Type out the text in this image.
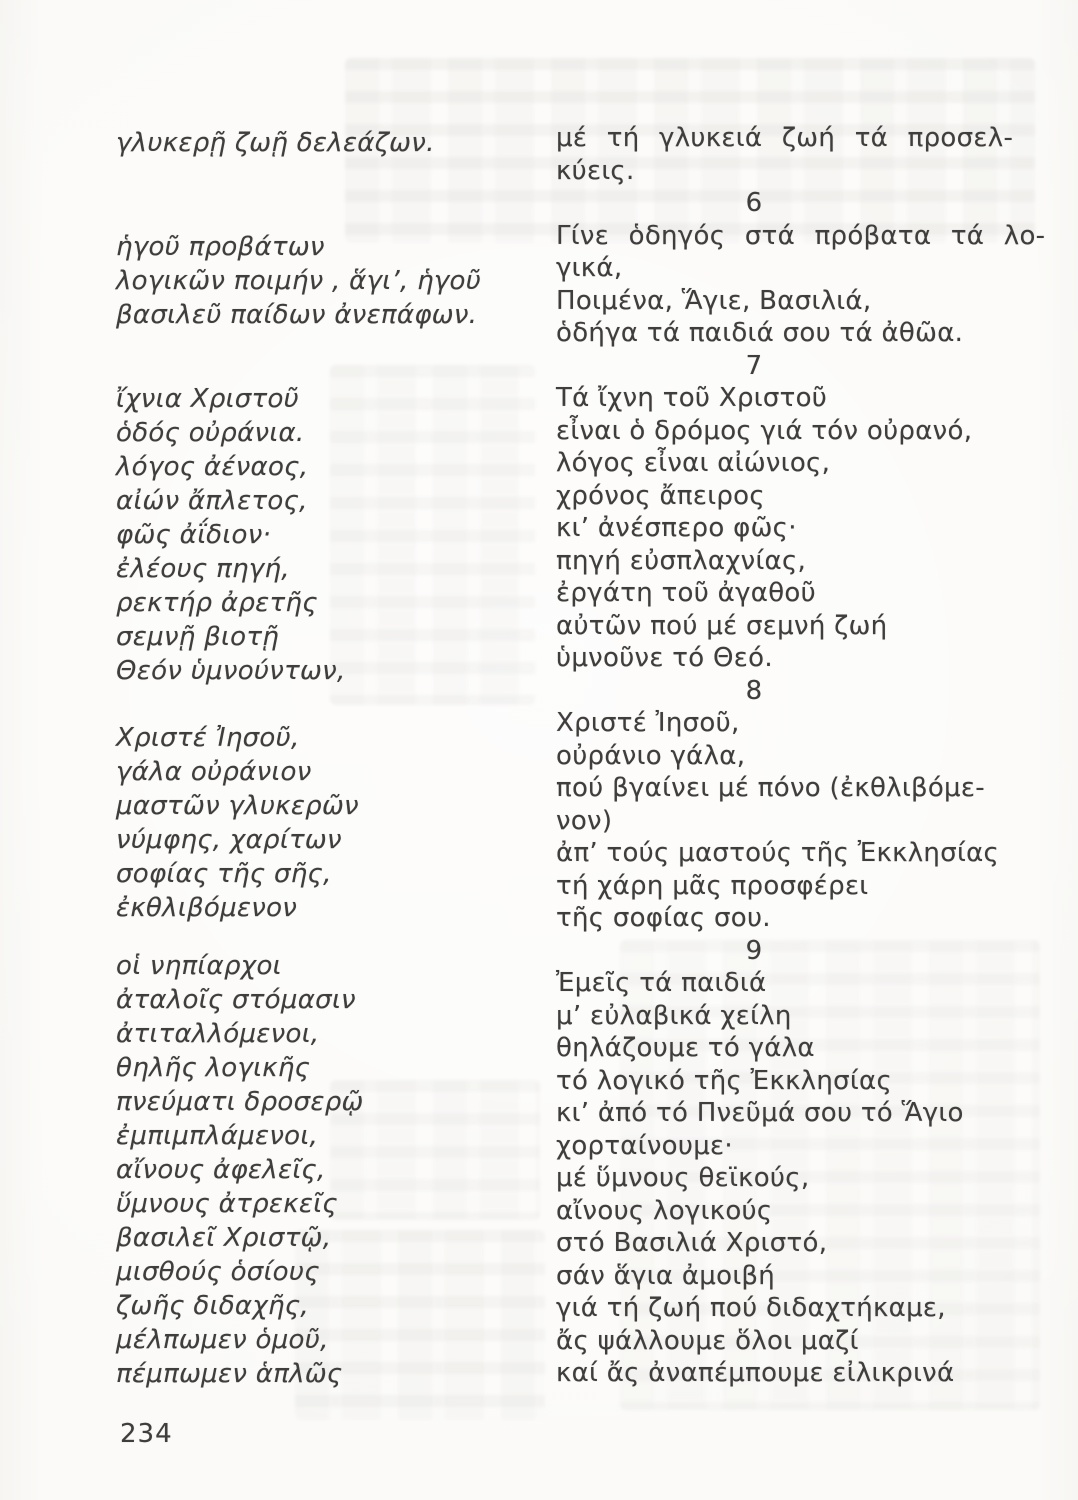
γλυκερῇ ζωῇ δελεάζων.
ἡγοῦ προβάτων
λογικῶν ποιμήν , ἅγι’, ἡγοῦ
βασιλεῦ παίδων ἀνεπάφων.
ἴχνια Χριστοῦ
ὁδός οὐράνια.
λόγος ἀέναος,
αἰών ἄπλετος,
φῶς ἀΐδιον·
ἐλέους πηγή,
ρεκτήρ ἀρετῆς
σεμνῇ βιοτῇ
Θεόν ὑμνούντων,
Χριστέ Ἰησοῦ,
γάλα οὐράνιον
μαστῶν γλυκερῶν
νύμφης, χαρίτων
σοφίας τῆς σῆς,
ἐκθλιβόμενον
οἱ νηπίαρχοι
ἀταλοῖς στόμασιν
ἀτιταλλόμενοι,
θηλῆς λογικῆς
πνεύματι δροσερῷ
ἐμπιμπλάμενοι,
αἴνους ἀφελεῖς,
ὕμνους ἀτρεκεῖς
βασιλεῖ Χριστῷ,
μισθούς ὁσίους
ζωῆς διδαχῆς,
μέλπωμεν ὁμοῦ,
πέμπωμεν ἁπλῶς
μέ τή γλυκειά ζωή τά προσελ-
κύεις.
6
Γίνε ὁδηγός στά πρόβατα τά λο-
γικά,
Ποιμένα, Ἅγιε, Βασιλιά,
ὁδήγα τά παιδιά σου τά ἀθῶα.
7
Τά ἴχνη τοῦ Χριστοῦ
εἶναι ὁ δρόμος γιά τόν οὐρανό,
λόγος εἶναι αἰώνιος,
χρόνος ἄπειρος
κι’ ἀνέσπερο φῶς·
πηγή εὐσπλαχνίας,
ἐργάτη τοῦ ἀγαθοῦ
αὐτῶν πού μέ σεμνή ζωή
ὑμνοῦνε τό Θεό.
8
Χριστέ Ἰησοῦ,
οὐράνιο γάλα,
πού βγαίνει μέ πόνο (ἐκθλιβόμε-
νον)
ἀπ’ τούς μαστούς τῆς Ἐκκλησίας
τή χάρη μᾶς προσφέρει
τῆς σοφίας σου.
9
Ἐμεῖς τά παιδιά
μ’ εὐλαβικά χείλη
θηλάζουμε τό γάλα
τό λογικό τῆς Ἐκκλησίας
κι’ ἀπό τό Πνεῦμά σου τό Ἅγιο
χορταίνουμε·
μέ ὕμνους θεϊκούς,
αἴνους λογικούς
στό Βασιλιά Χριστό,
σάν ἅγια ἀμοιβή
γιά τή ζωή πού διδαχτήκαμε,
ἄς ψάλλουμε ὅλοι μαζί
καί ἄς ἀναπέμπουμε εἰλικρινά
234
